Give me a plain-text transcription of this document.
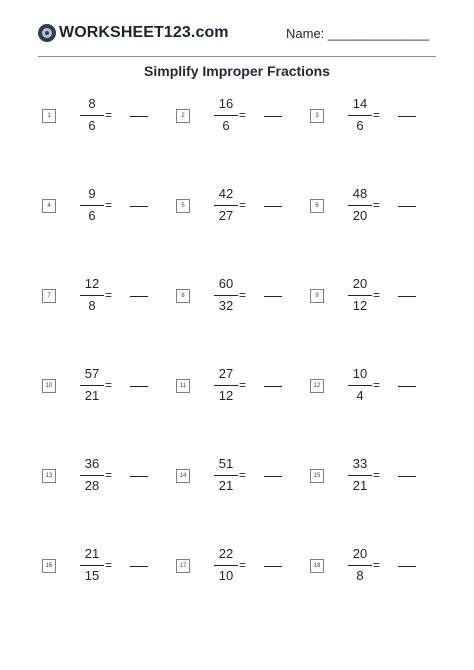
WORKSHEET123.com	Name: ______________
Simplify Improper Fractions
1
8
6
=	2
16
6
=	3
14
6
=
4
9
6
=	5
42
27
=	6
48
20
=
7
12
8
=	8
60
32
=	9
20
12
=
10
57
21
=	11
27
12
=	12
10
4
=
13
36
28
=	14
51
21
=	15
33
21
=
16
21
15
=	17
22
10
=	18
20
8
=
